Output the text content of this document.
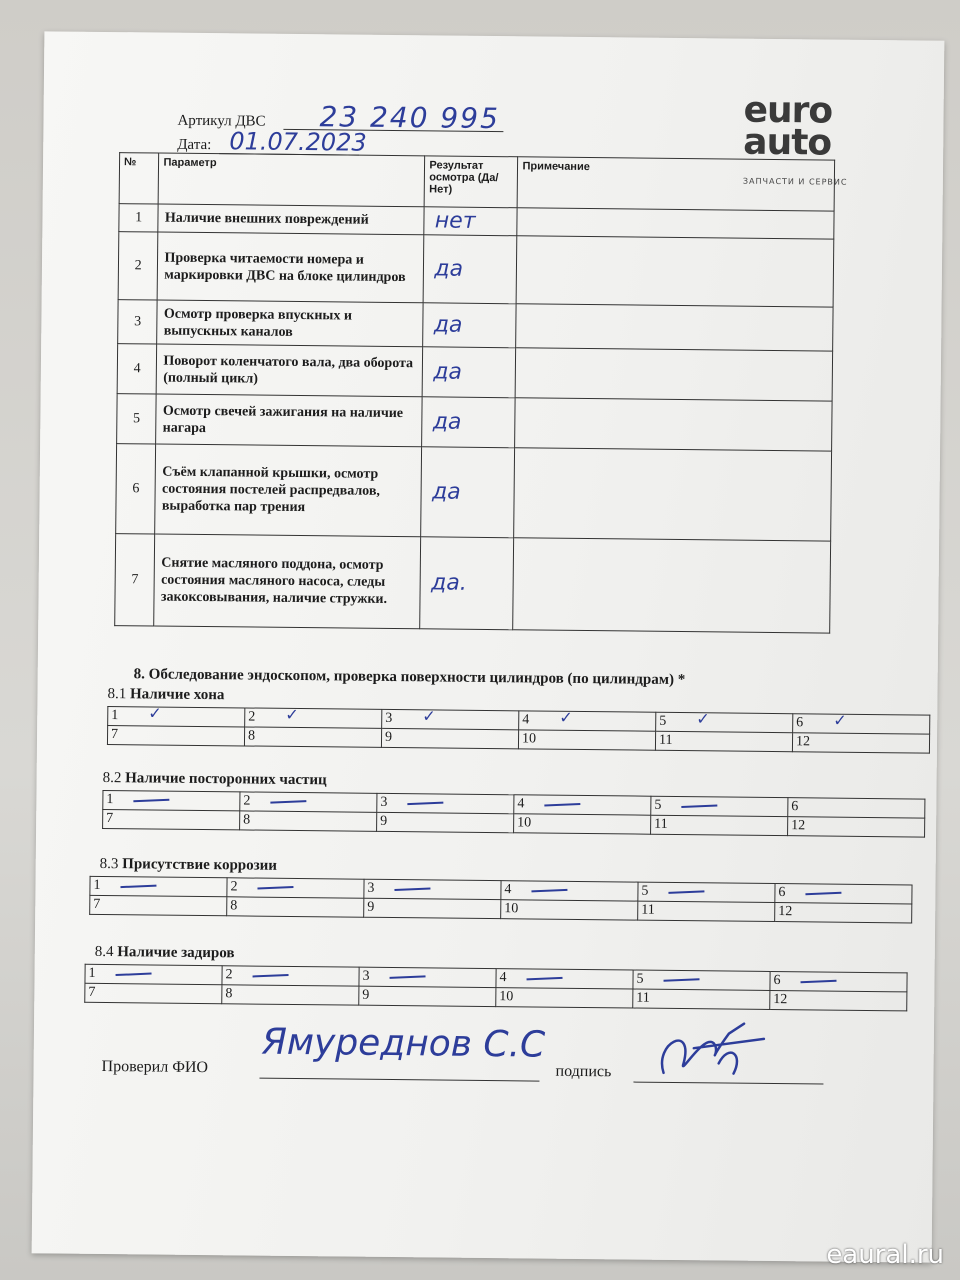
Артикул ДВС 23 240 995
Дата: 01.07.2023
euro
auto
ЗАПЧАСТИ И СЕРВИС
№	Параметр	Результат осмотра (Да/Нет)	Примечание
1	Наличие внешних повреждений	нет	
2	Проверка читаемости номера и маркировки ДВС на блоке цилиндров	да	
3	Осмотр проверка впускных и выпускных каналов	да	
4	Поворот коленчатого вала, два оборота (полный цикл)	да	
5	Осмотр свечей зажигания на наличие нагара	да	
6	Съём клапанной крышки, осмотр состояния постелей распредвалов, выработка пар трения	да	
7	Снятие масляного поддона, осмотр состояния масляного насоса, следы закоксовывания, наличие стружки.	да.	
8. Обследование эндоскопом, проверка поверхности цилиндров (по цилиндрам) *
8.1 Наличие хона
1 ✓	2 ✓	3 ✓	4 ✓	5 ✓	6 ✓

7	8	9	10	11	12
8.2 Наличие посторонних частиц
1	2	3	4	5	6
7	8	9	10	11	12
8.3 Присутствие коррозии
1	2	3	4	5	6

7	8	9	10	11	12
8.4 Наличие задиров
1	2	3	4	5	6

7	8	9	10	11	12
Проверил ФИО
Ямуреднов С.С
подпись
eaural.ru
